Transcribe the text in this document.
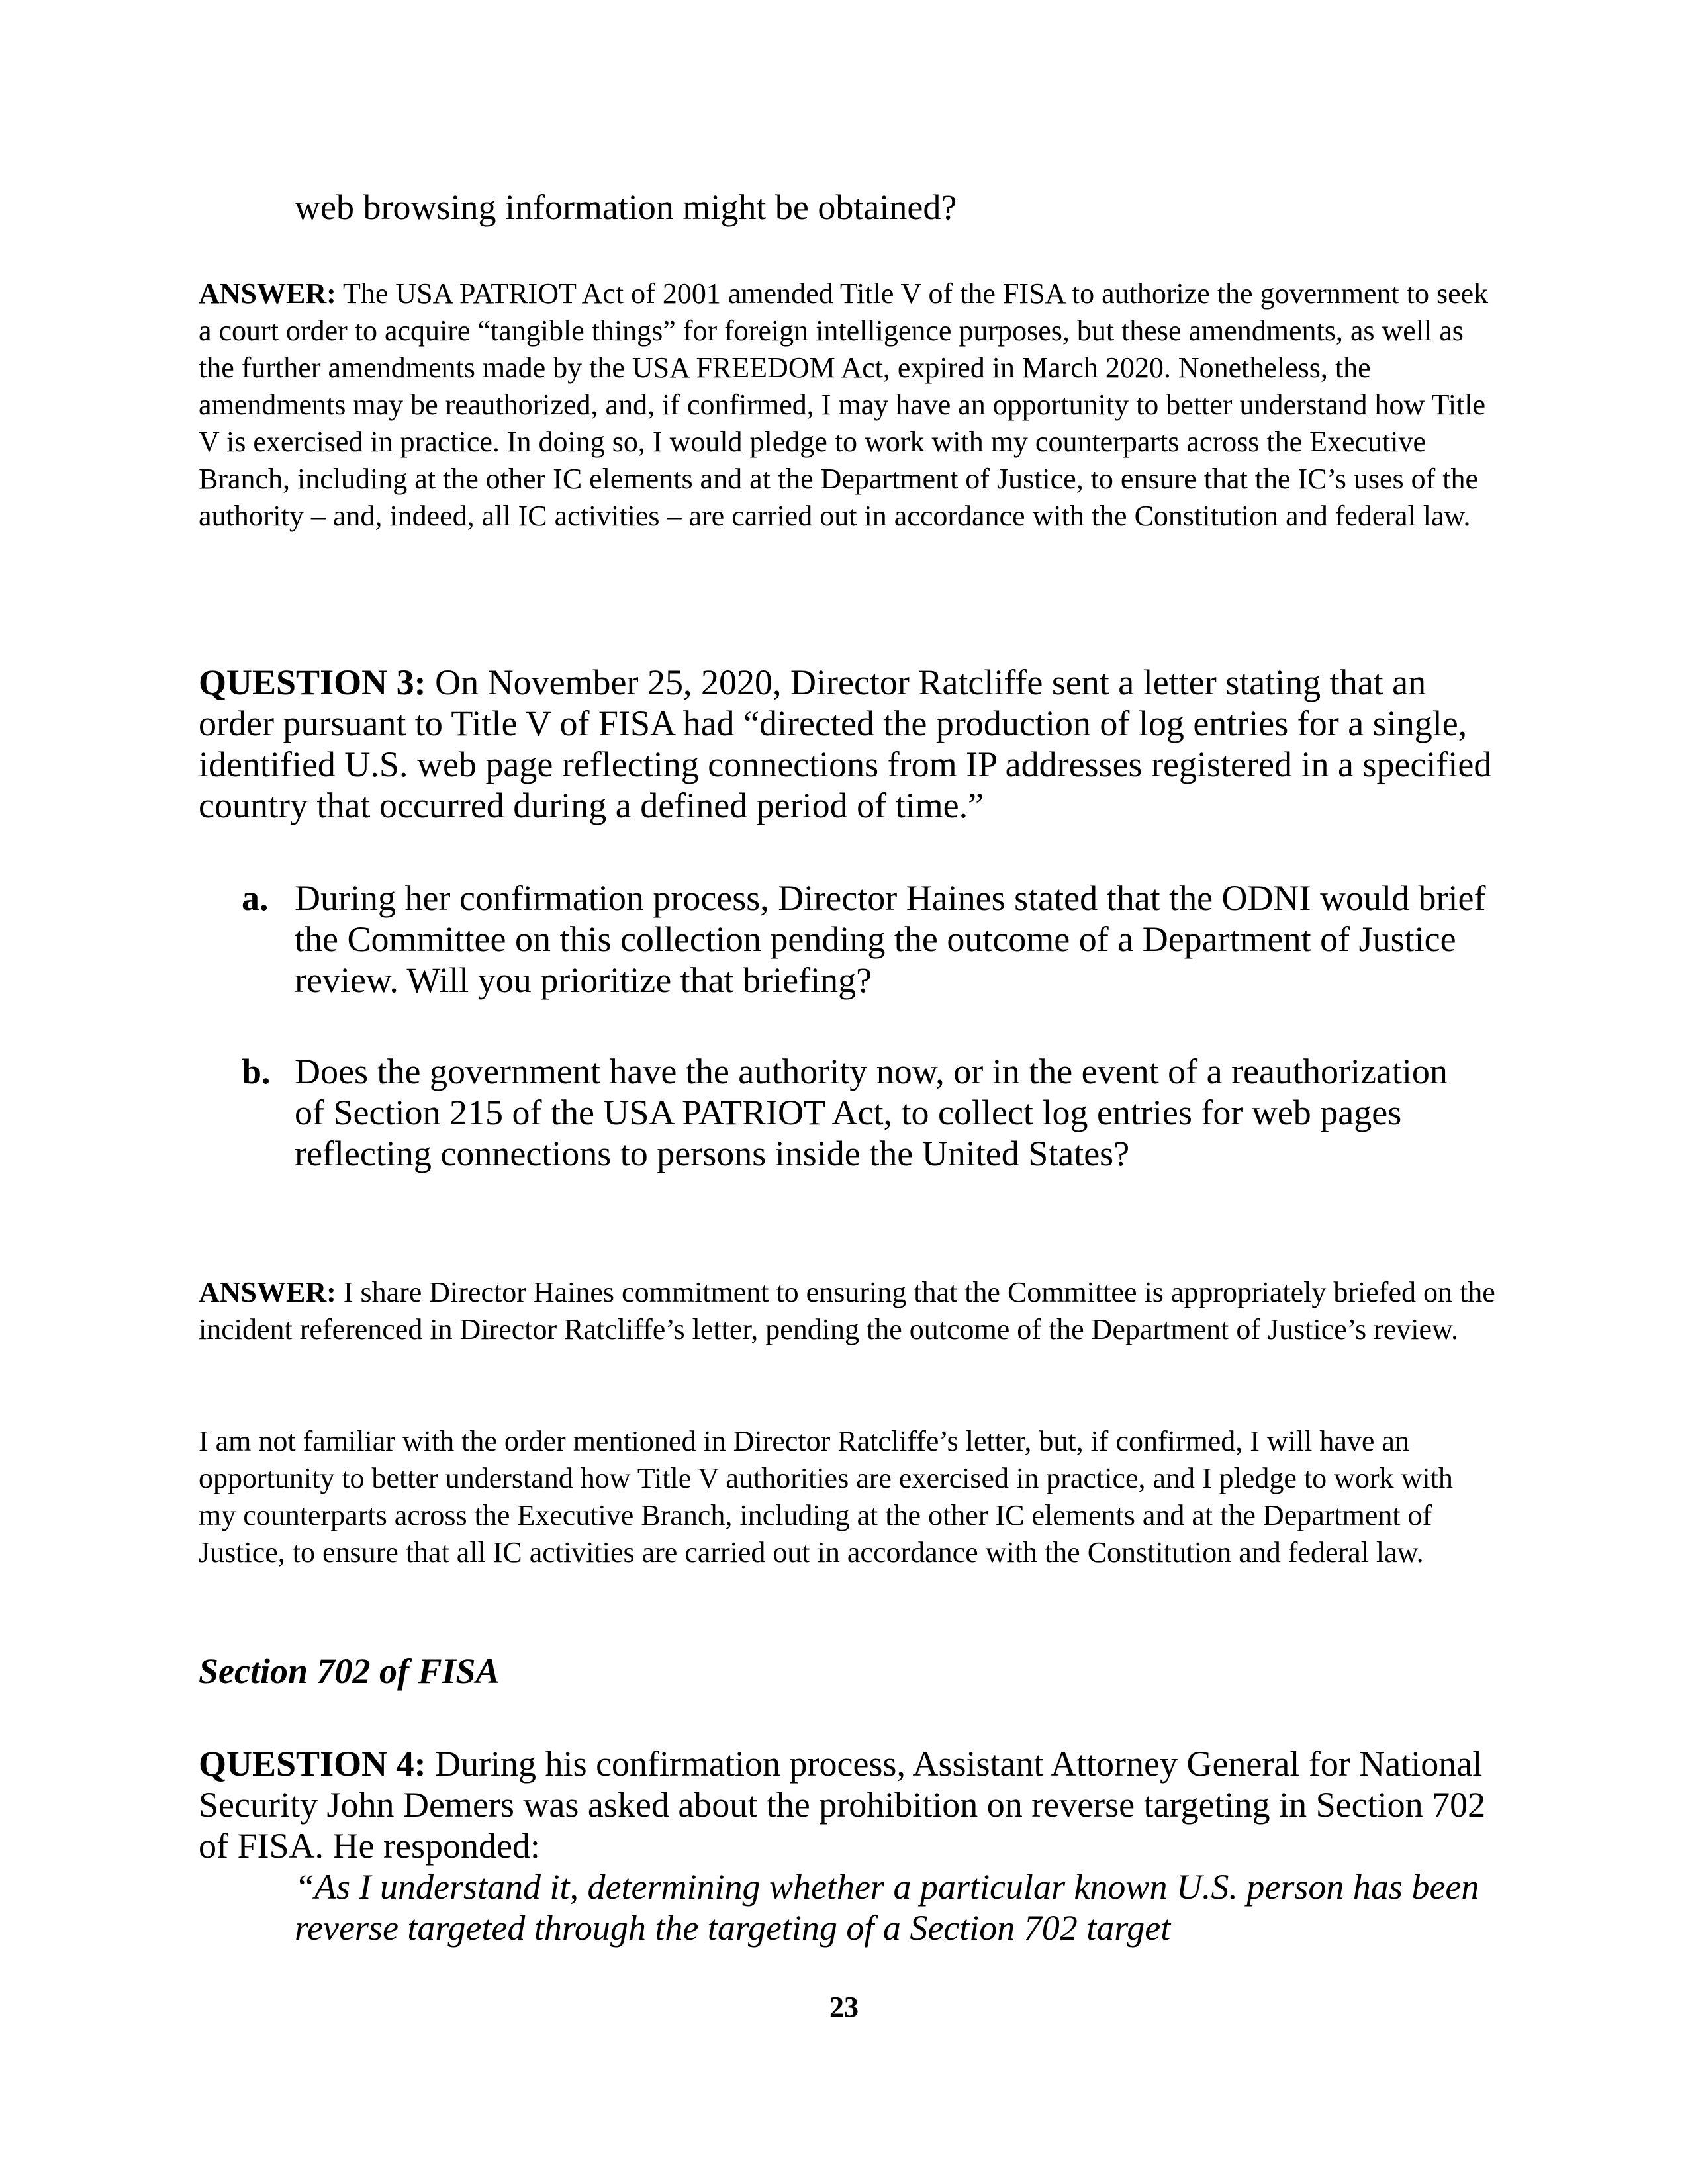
web browsing information might be obtained?

ANSWER: The USA PATRIOT Act of 2001 amended Title V of the FISA to authorize the government to seek a court order to acquire “tangible things” for foreign intelligence purposes, but these amendments, as well as the further amendments made by the USA FREEDOM Act, expired in March 2020. Nonetheless, the amendments may be reauthorized, and, if confirmed, I may have an opportunity to better understand how Title V is exercised in practice. In doing so, I would pledge to work with my counterparts across the Executive Branch, including at the other IC elements and at the Department of Justice, to ensure that the IC’s uses of the authority – and, indeed, all IC activities – are carried out in accordance with the Constitution and federal law.

QUESTION 3: On November 25, 2020, Director Ratcliffe sent a letter stating that an order pursuant to Title V of FISA had “directed the production of log entries for a single, identified U.S. web page reflecting connections from IP addresses registered in a specified country that occurred during a defined period of time.”

a. During her confirmation process, Director Haines stated that the ODNI would brief the Committee on this collection pending the outcome of a Department of Justice review. Will you prioritize that briefing?
b. Does the government have the authority now, or in the event of a reauthorization of Section 215 of the USA PATRIOT Act, to collect log entries for web pages reflecting connections to persons inside the United States?

ANSWER: I share Director Haines commitment to ensuring that the Committee is appropriately briefed on the incident referenced in Director Ratcliffe’s letter, pending the outcome of the Department of Justice’s review.

I am not familiar with the order mentioned in Director Ratcliffe’s letter, but, if confirmed, I will have an opportunity to better understand how Title V authorities are exercised in practice, and I pledge to work with my counterparts across the Executive Branch, including at the other IC elements and at the Department of Justice, to ensure that all IC activities are carried out in accordance with the Constitution and federal law.

Section 702 of FISA

QUESTION 4: During his confirmation process, Assistant Attorney General for National Security John Demers was asked about the prohibition on reverse targeting in Section 702 of FISA. He responded:

“As I understand it, determining whether a particular known U.S. person has been reverse targeted through the targeting of a Section 702 target

23
